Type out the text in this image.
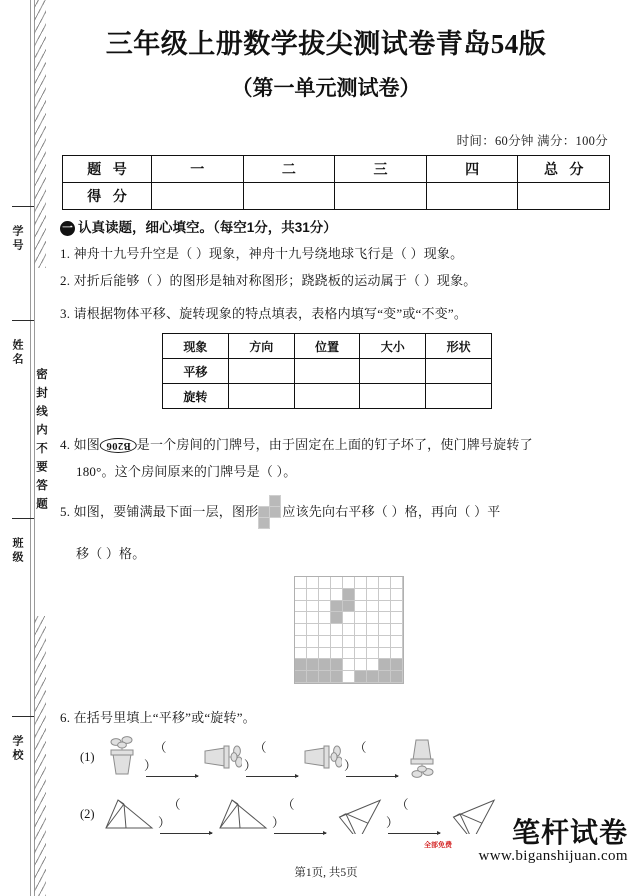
密封线内不要答题
学号
姓名
班级
学校
三年级上册数学拔尖测试卷青岛54版
（第一单元测试卷）
时间：60分钟 满分：100分
题 号	一	二	三	四	总 分
得 分					
一 认真读题，细心填空。（每空1分，共31分）
1. 神舟十九号升空是（ ）现象，神舟十九号绕地球飞行是（ ）现象。
2. 对折后能够（ ）的图形是轴对称图形；跷跷板的运动属于（ ）现象。
3. 请根据物体平移、旋转现象的特点填表，表格内填写“变”或“不变”。
现象	方向	位置	大小	形状
平移				
旋转				
4. 如图 B206 是一个房间的门牌号，由于固定在上面的钉子坏了，使门牌号旋转了
180°。这个房间原来的门牌号是（ ）。
5. 如图，要铺满最下面一层，图形 应该先向右平移（ ）格，再向（ ）平
移（ ）格。
6. 在括号里填上“平移”或“旋转”。
(1)
（ ）
（ ）
（ ）
(2)
（ ）
（ ）
（ ）
第1页, 共5页
全部免费	笔杆试卷
www.biganshijuan.com
